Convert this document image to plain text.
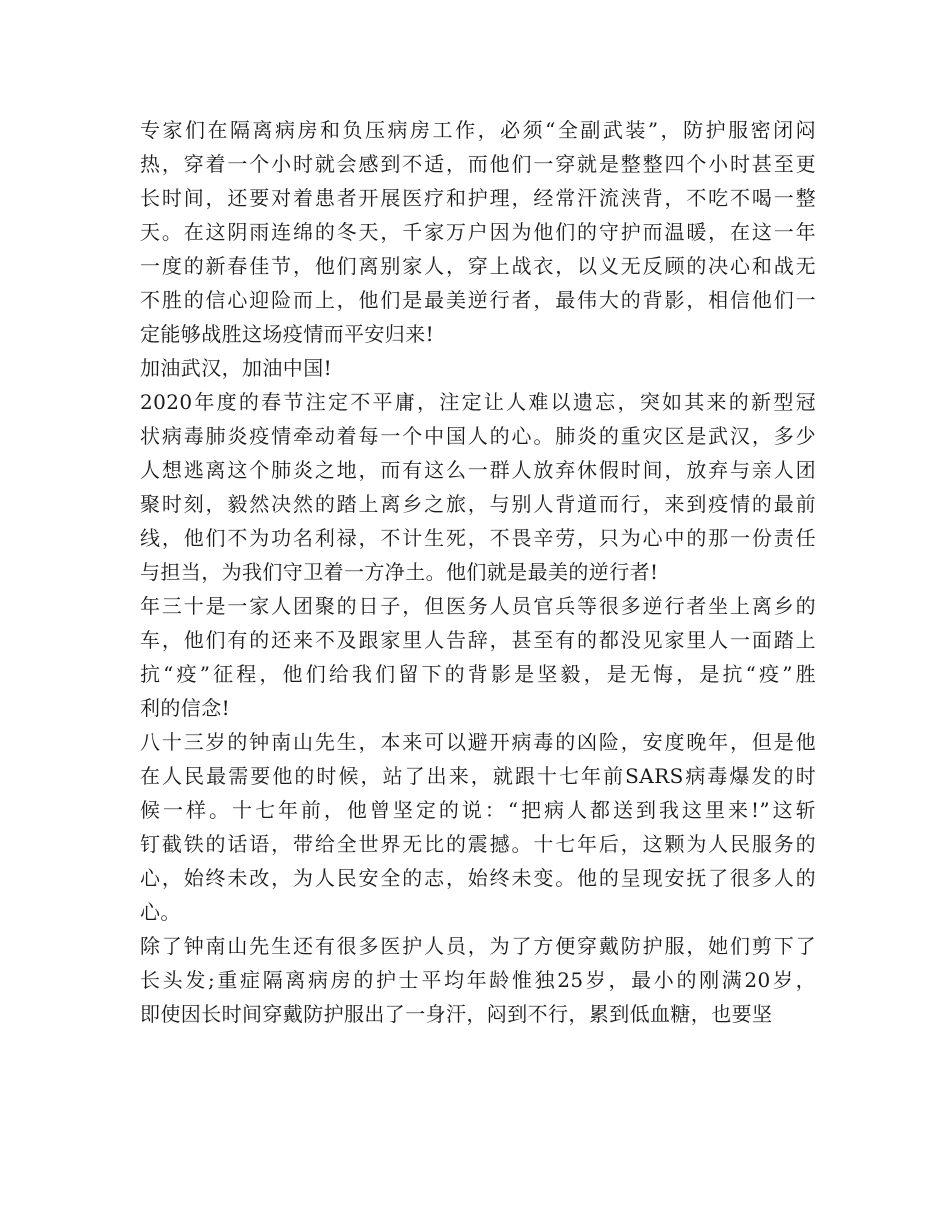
专家们在隔离病房和负压病房工作，必须“全副武装”，防护服密闭闷
热，穿着一个小时就会感到不适，而他们一穿就是整整四个小时甚至更
长时间，还要对着患者开展医疗和护理，经常汗流浃背，不吃不喝一整
天。在这阴雨连绵的冬天，千家万户因为他们的守护而温暖，在这一年
一度的新春佳节，他们离别家人，穿上战衣，以义无反顾的决心和战无
不胜的信心迎险而上，他们是最美逆行者，最伟大的背影，相信他们一
定能够战胜这场疫情而平安归来!
加油武汉，加油中国!
2020年度的春节注定不平庸，注定让人难以遗忘，突如其来的新型冠
状病毒肺炎疫情牵动着每一个中国人的心。肺炎的重灾区是武汉，多少
人想逃离这个肺炎之地，而有这么一群人放弃休假时间，放弃与亲人团
聚时刻，毅然决然的踏上离乡之旅，与别人背道而行，来到疫情的最前
线，他们不为功名利禄，不计生死，不畏辛劳，只为心中的那一份责任
与担当，为我们守卫着一方净土。他们就是最美的逆行者!
年三十是一家人团聚的日子，但医务人员官兵等很多逆行者坐上离乡的
车，他们有的还来不及跟家里人告辞，甚至有的都没见家里人一面踏上
抗“疫”征程，他们给我们留下的背影是坚毅，是无悔，是抗“疫”胜
利的信念!
八十三岁的钟南山先生，本来可以避开病毒的凶险，安度晚年，但是他
在人民最需要他的时候，站了出来，就跟十七年前SARS病毒爆发的时
候一样。十七年前，他曾坚定的说：“把病人都送到我这里来!”这斩
钉截铁的话语，带给全世界无比的震撼。十七年后，这颗为人民服务的
心，始终未改，为人民安全的志，始终未变。他的呈现安抚了很多人的
心。
除了钟南山先生还有很多医护人员，为了方便穿戴防护服，她们剪下了
长头发;重症隔离病房的护士平均年龄惟独25岁，最小的刚满20岁，
即使因长时间穿戴防护服出了一身汗，闷到不行，累到低血糖，也要坚
